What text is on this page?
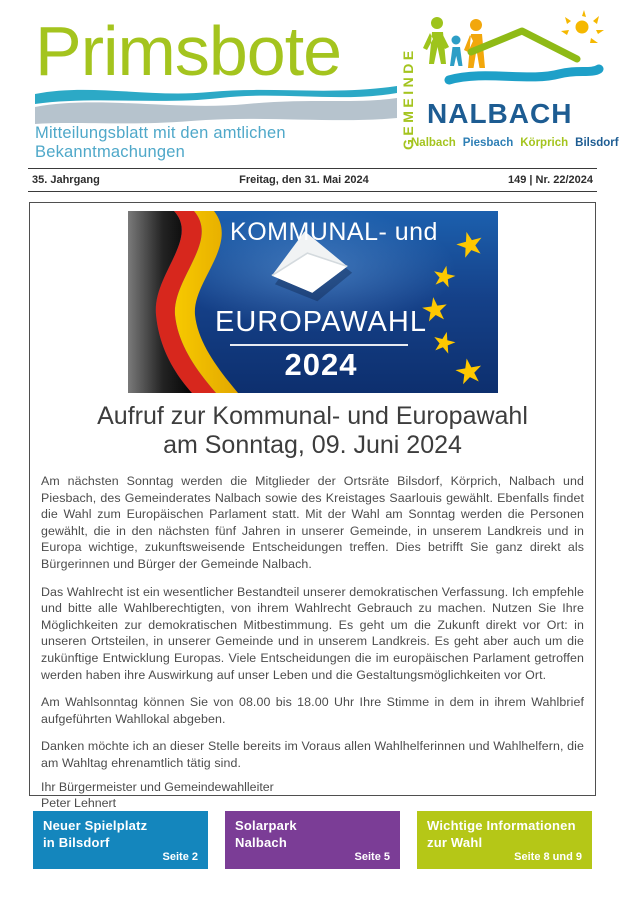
Primsbote
Mitteilungsblatt mit den amtlichen Bekanntmachungen
GEMEINDE NALBACH
Nalbach Piesbach Körprich Bilsdorf
35. Jahrgang	Freitag, den 31. Mai 2024	149 | Nr. 22/2024
KOMMUNAL- und
EUROPAWAHL
2024
Aufruf zur Kommunal- und Europawahl
am Sonntag, 09. Juni 2024

Am nächsten Sonntag werden die Mitglieder der Ortsräte Bilsdorf, Körprich, Nalbach und Piesbach, des Gemeinderates Nalbach sowie des Kreistages Saarlouis gewählt. Ebenfalls findet die Wahl zum Europäischen Parlament statt. Mit der Wahl am Sonntag werden die Personen gewählt, die in den nächsten fünf Jahren in unserer Gemeinde, in unserem Landkreis und in Europa wichtige, zukunftsweisende Entscheidungen treffen. Dies betrifft Sie ganz direkt als Bürgerinnen und Bürger der Gemeinde Nalbach.

Das Wahlrecht ist ein wesentlicher Bestandteil unserer demokratischen Verfassung. Ich empfehle und bitte alle Wahlberechtigten, von ihrem Wahlrecht Gebrauch zu machen. Nutzen Sie Ihre Möglichkeiten zur demokratischen Mitbestimmung. Es geht um die Zukunft direkt vor Ort: in unseren Ortsteilen, in unserer Gemeinde und in unserem Landkreis. Es geht aber auch um die zukünftige Entwicklung Europas. Viele Entscheidungen die im europäischen Parlament getroffen werden haben ihre Auswirkung auf unser Leben und die Gestaltungsmöglichkeiten vor Ort.

Am Wahlsonntag können Sie von 08.00 bis 18.00 Uhr Ihre Stimme in dem in ihrem Wahlbrief aufgeführten Wahllokal abgeben.

Danken möchte ich an dieser Stelle bereits im Voraus allen Wahlhelferinnen und Wahlhelfern, die am Wahltag ehrenamtlich tätig sind.

Ihr Bürgermeister und Gemeindewahlleiter
Peter Lehnert
Neuer Spielplatz
in Bilsdorf
Seite 2
Solarpark
Nalbach
Seite 5
Wichtige Informationen
zur Wahl
Seite 8 und 9
